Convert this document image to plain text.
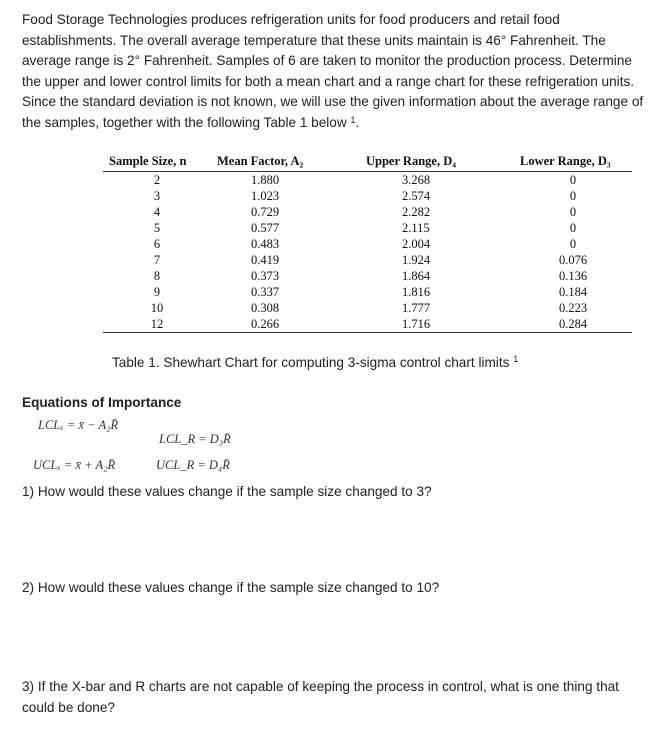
Food Storage Technologies produces refrigeration units for food producers and retail food establishments. The overall average temperature that these units maintain is 46° Fahrenheit. The average range is 2° Fahrenheit. Samples of 6 are taken to monitor the production process. Determine the upper and lower control limits for both a mean chart and a range chart for these refrigeration units. Since the standard deviation is not known, we will use the given information about the average range of the samples, together with the following Table 1 below $^1$.

Sample Size, n	Mean Factor, A₂	Upper Range, D₄	Lower Range, D₃
2	1.880	3.268	0
3	1.023	2.574	0
4	0.729	2.282	0
5	0.577	2.115	0
6	0.483	2.004	0
7	0.419	1.924	0.076
8	0.373	1.864	0.136
9	0.337	1.816	0.184
10	0.308	1.777	0.223
12	0.266	1.716	0.284

Table 1. Shewhart Chart for computing 3-sigma control chart limits $^1$

Equations of Importance

LCLₓ = x̄ − A₂R̄

LCL_R = D₃R̄

UCLₓ = x̄ + A₂R̄	UCL_R = D₄R̄

1) How would these values change if the sample size changed to 3?

2) How would these values change if the sample size changed to 10?

3) If the X-bar and R charts are not capable of keeping the process in control, what is one thing that could be done?
